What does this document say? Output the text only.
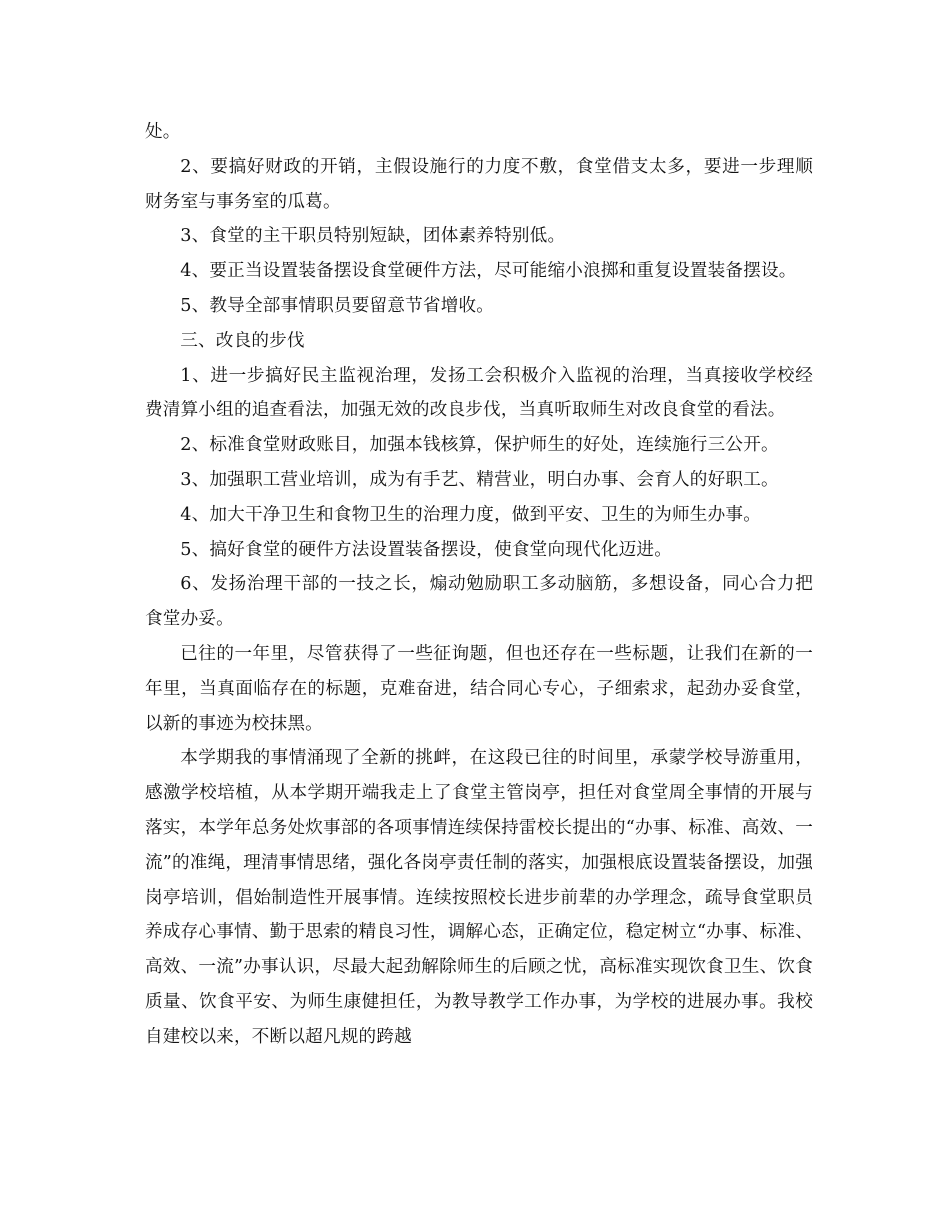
处。

2、要搞好财政的开销，主假设施行的力度不敷，食堂借支太多，要进一步理顺财务室与事务室的瓜葛。

3、食堂的主干职员特别短缺，团体素养特别低。

4、要正当设置装备摆设食堂硬件方法，尽可能缩小浪掷和重复设置装备摆设。

5、教导全部事情职员要留意节省增收。

三、改良的步伐

1、进一步搞好民主监视治理，发扬工会积极介入监视的治理，当真接收学校经费清算小组的追查看法，加强无效的改良步伐，当真听取师生对改良食堂的看法。

2、标准食堂财政账目，加强本钱核算，保护师生的好处，连续施行三公开。

3、加强职工营业培训，成为有手艺、精营业，明白办事、会育人的好职工。

4、加大干净卫生和食物卫生的治理力度，做到平安、卫生的为师生办事。

5、搞好食堂的硬件方法设置装备摆设，使食堂向现代化迈进。

6、发扬治理干部的一技之长，煽动勉励职工多动脑筋，多想设备，同心合力把食堂办妥。

已往的一年里，尽管获得了一些征询题，但也还存在一些标题，让我们在新的一年里，当真面临存在的标题，克难奋进，结合同心专心，子细索求，起劲办妥食堂，以新的事迹为校抹黑。

本学期我的事情涌现了全新的挑衅，在这段已往的时间里，承蒙学校导游重用，感激学校培植，从本学期开端我走上了食堂主管岗亭，担任对食堂周全事情的开展与落实，本学年总务处炊事部的各项事情连续保持雷校长提出的“办事、标准、高效、一流”的准绳，理清事情思绪，强化各岗亭责任制的落实，加强根底设置装备摆设，加强岗亭培训，倡始制造性开展事情。连续按照校长进步前辈的办学理念，疏导食堂职员养成存心事情、勤于思索的精良习性，调解心态，正确定位，稳定树立“办事、标准、高效、一流”办事认识，尽最大起劲解除师生的后顾之忧，高标准实现饮食卫生、饮食质量、饮食平安、为师生康健担任，为教导教学工作办事，为学校的进展办事。我校自建校以来，不断以超凡规的跨越
